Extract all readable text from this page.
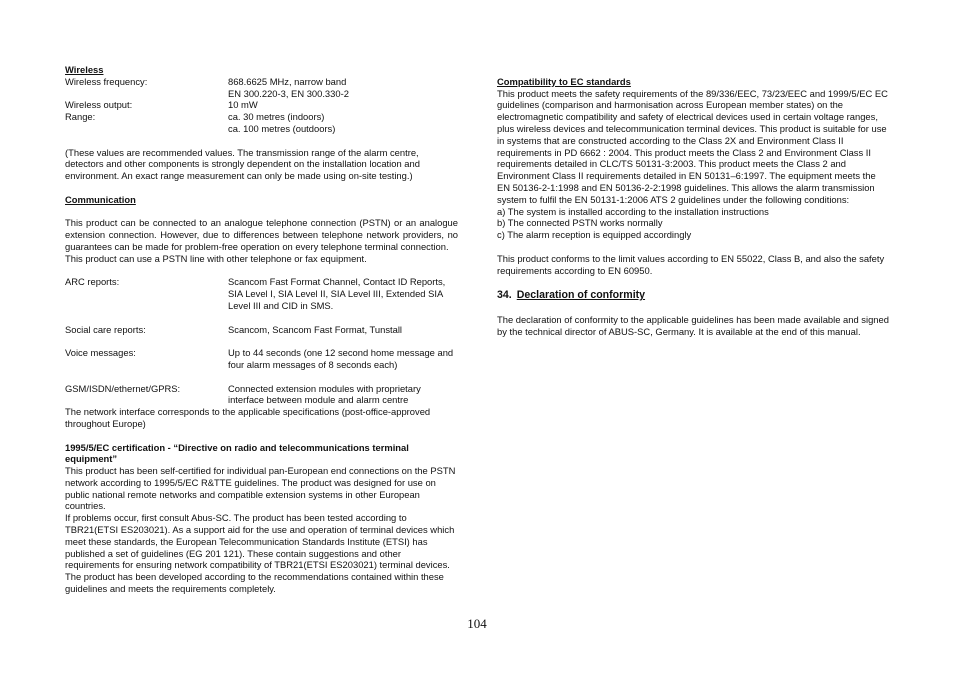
Wireless

Wireless frequency:	868.6625 MHz, narrow band
EN 300.220-3, EN 300.330-2
Wireless output:	10 mW
Range:	ca. 30 metres (indoors)
ca. 100 metres (outdoors)

(These values are recommended values. The transmission range of the alarm centre, detectors and other components is strongly dependent on the installation location and environment. An exact range measurement can only be made using on-site testing.)

Communication

This product can be connected to an analogue telephone connection (PSTN) or an analogue extension connection. However, due to differences between telephone network providers, no guarantees can be made for problem-free operation on every telephone terminal connection.

This product can use a PSTN line with other telephone or fax equipment.

ARC reports:	Scancom Fast Format Channel, Contact ID Reports, SIA Level I, SIA Level II, SIA Level III, Extended SIA Level III and CID in SMS.
Social care reports:	Scancom, Scancom Fast Format, Tunstall
Voice messages:	Up to 44 seconds (one 12 second home message and four alarm messages of 8 seconds each)
GSM/ISDN/ethernet/GPRS:	Connected extension modules with proprietary interface between module and alarm centre

The network interface corresponds to the applicable specifications (post-office-approved throughout Europe)

1995/5/EC certification - “Directive on radio and telecommunications terminal equipment”

This product has been self-certified for individual pan-European end connections on the PSTN network according to 1995/5/EC R&TTE guidelines. The product was designed for use on public national remote networks and compatible extension systems in other European countries.

If problems occur, first consult Abus-SC. The product has been tested according to TBR21(ETSI ES203021). As a support aid for the use and operation of terminal devices which meet these standards, the European Telecommunication Standards Institute (ETSI) has published a set of guidelines (EG 201 121). These contain suggestions and other requirements for ensuring network compatibility of TBR21(ETSI ES203021) terminal devices. The product has been developed according to the recommendations contained within these guidelines and meets the requirements completely.

Compatibility to EC standards

This product meets the safety requirements of the 89/336/EEC, 73/23/EEC and 1999/5/EC EC guidelines (comparison and harmonisation across European member states) on the electromagnetic compatibility and safety of electrical devices used in certain voltage ranges, plus wireless devices and telecommunication terminal devices. This product is suitable for use in systems that are constructed according to the Class 2X and Environment Class II requirements in PD 6662 : 2004. This product meets the Class 2 and Environment Class II requirements detailed in CLC/TS 50131-3:2003. This product meets the Class 2 and Environment Class II requirements detailed in EN 50131–6:1997. The equipment meets the EN 50136-2-1:1998 and EN 50136-2-2:1998 guidelines. This allows the alarm transmission system to fulfil the EN 50131-1:2006 ATS 2 guidelines under the following conditions:

a) The system is installed according to the installation instructions

b) The connected PSTN works normally

c) The alarm reception is equipped accordingly

This product conforms to the limit values according to EN 55022, Class B, and also the safety requirements according to EN 60950.

34. Declaration of conformity

The declaration of conformity to the applicable guidelines has been made available and signed by the technical director of ABUS-SC, Germany. It is available at the end of this manual.

104
